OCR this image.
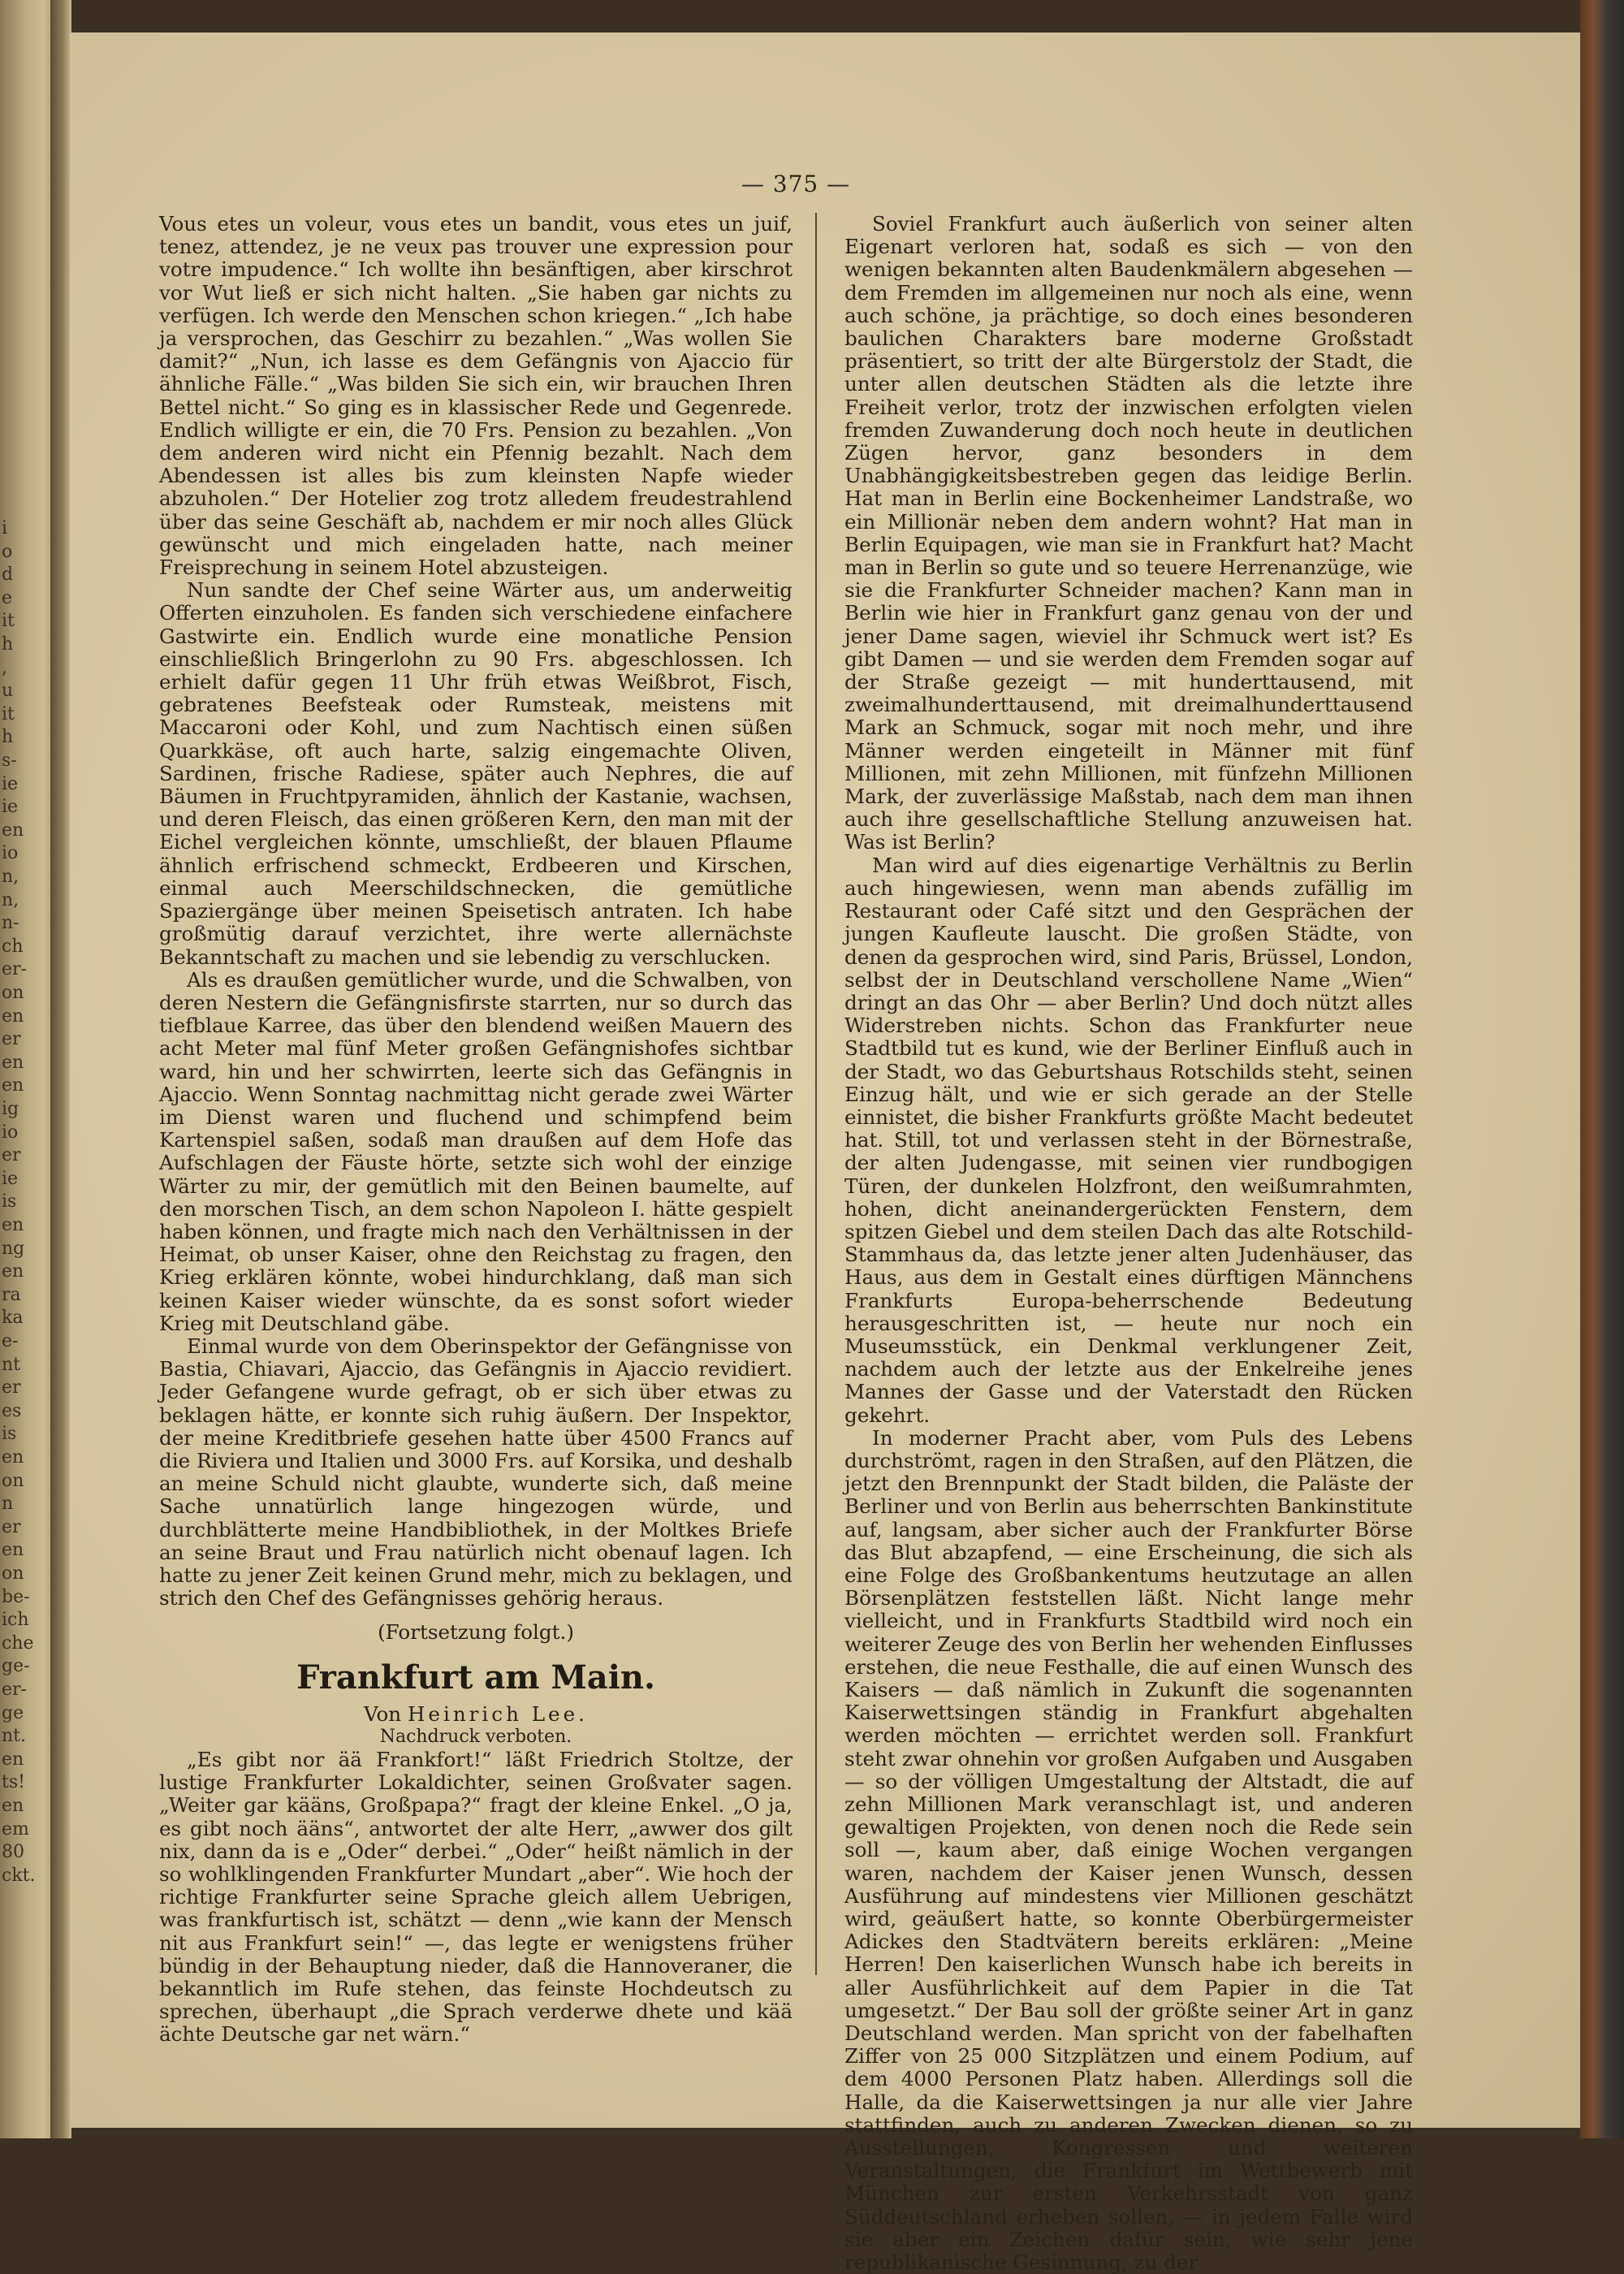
i
o
d
e
it
h
,
u
it
h
s-
ie
ie
en
io
n,
n,
n-
ch
er-
on
en
er
en
en
ig
io
er
ie
is
en
ng
en
ra
ka
e-
nt
er
es
is
en
on
n
er
en
on
be-
ich
che
ge-
er-
ge
nt.
en
ts!
en
em
80
ckt.
— 375 —

Vous etes un voleur, vous etes un bandit, vous etes un juif, tenez, attendez, je ne veux pas trouver une expression pour votre impudence.“ Ich wollte ihn besänftigen, aber kirschrot vor Wut ließ er sich nicht halten. „Sie haben gar nichts zu verfügen. Ich werde den Menschen schon kriegen.“ „Ich habe ja versprochen, das Geschirr zu bezahlen.“ „Was wollen Sie damit?“ „Nun, ich lasse es dem Gefängnis von Ajaccio für ähnliche Fälle.“ „Was bilden Sie sich ein, wir brauchen Ihren Bettel nicht.“ So ging es in klassischer Rede und Gegenrede. Endlich willigte er ein, die 70 Frs. Pension zu bezahlen. „Von dem anderen wird nicht ein Pfennig bezahlt. Nach dem Abendessen ist alles bis zum kleinsten Napfe wieder abzuholen.“ Der Hotelier zog trotz alledem freudestrahlend über das seine Geschäft ab, nachdem er mir noch alles Glück gewünscht und mich eingeladen hatte, nach meiner Freisprechung in seinem Hotel abzusteigen.

Nun sandte der Chef seine Wärter aus, um anderweitig Offerten einzuholen. Es fanden sich verschiedene einfachere Gastwirte ein. Endlich wurde eine monatliche Pension einschließlich Bringerlohn zu 90 Frs. abgeschlossen. Ich erhielt dafür gegen 11 Uhr früh etwas Weißbrot, Fisch, gebratenes Beefsteak oder Rumsteak, meistens mit Maccaroni oder Kohl, und zum Nachtisch einen süßen Quarkkäse, oft auch harte, salzig eingemachte Oliven, Sardinen, frische Radiese, später auch Nephres, die auf Bäumen in Fruchtpyramiden, ähnlich der Kastanie, wachsen, und deren Fleisch, das einen größeren Kern, den man mit der Eichel vergleichen könnte, umschließt, der blauen Pflaume ähnlich erfrischend schmeckt, Erdbeeren und Kirschen, einmal auch Meerschildschnecken, die gemütliche Spaziergänge über meinen Speisetisch antraten. Ich habe großmütig darauf verzichtet, ihre werte allernächste Bekanntschaft zu machen und sie lebendig zu verschlucken.

Als es draußen gemütlicher wurde, und die Schwalben, von deren Nestern die Gefängnisfirste starrten, nur so durch das tiefblaue Karree, das über den blendend weißen Mauern des acht Meter mal fünf Meter großen Gefängnishofes sichtbar ward, hin und her schwirrten, leerte sich das Gefängnis in Ajaccio. Wenn Sonntag nachmittag nicht gerade zwei Wärter im Dienst waren und fluchend und schimpfend beim Kartenspiel saßen, sodaß man draußen auf dem Hofe das Aufschlagen der Fäuste hörte, setzte sich wohl der einzige Wärter zu mir, der gemütlich mit den Beinen baumelte, auf den morschen Tisch, an dem schon Napoleon I. hätte gespielt haben können, und fragte mich nach den Verhältnissen in der Heimat, ob unser Kaiser, ohne den Reichstag zu fragen, den Krieg erklären könnte, wobei hindurchklang, daß man sich keinen Kaiser wieder wünschte, da es sonst sofort wieder Krieg mit Deutschland gäbe.

Einmal wurde von dem Oberinspektor der Gefängnisse von Bastia, Chiavari, Ajaccio, das Gefängnis in Ajaccio revidiert. Jeder Gefangene wurde gefragt, ob er sich über etwas zu beklagen hätte, er konnte sich ruhig äußern. Der Inspektor, der meine Kreditbriefe gesehen hatte über 4500 Francs auf die Riviera und Italien und 3000 Frs. auf Korsika, und deshalb an meine Schuld nicht glaubte, wunderte sich, daß meine Sache unnatürlich lange hingezogen würde, und durchblätterte meine Handbibliothek, in der Moltkes Briefe an seine Braut und Frau natürlich nicht obenauf lagen. Ich hatte zu jener Zeit keinen Grund mehr, mich zu beklagen, und strich den Chef des Gefängnisses gehörig heraus.

(Fortsetzung folgt.)

Frankfurt am Main.

Von Heinrich Lee.

Nachdruck verboten.

„Es gibt nor ää Frankfort!“ läßt Friedrich Stoltze, der lustige Frankfurter Lokaldichter, seinen Großvater sagen. „Weiter gar kääns, Großpapa?“ fragt der kleine Enkel. „O ja, es gibt noch ääns“, antwortet der alte Herr, „awwer dos gilt nix, dann da is e „Oder“ derbei.“ „Oder“ heißt nämlich in der so wohlklingenden Frankfurter Mundart „aber“. Wie hoch der richtige Frankfurter seine Sprache gleich allem Uebrigen, was frankfurtisch ist, schätzt — denn „wie kann der Mensch nit aus Frankfurt sein!“ —, das legte er wenigstens früher bündig in der Behauptung nieder, daß die Hannoveraner, die bekanntlich im Rufe stehen, das feinste Hochdeutsch zu sprechen, überhaupt „die Sprach verderwe dhete und kää ächte Deutsche gar net wärn.“

Soviel Frankfurt auch äußerlich von seiner alten Eigenart verloren hat, sodaß es sich — von den wenigen bekannten alten Baudenkmälern abgesehen — dem Fremden im allgemeinen nur noch als eine, wenn auch schöne, ja prächtige, so doch eines besonderen baulichen Charakters bare moderne Großstadt präsentiert, so tritt der alte Bürgerstolz der Stadt, die unter allen deutschen Städten als die letzte ihre Freiheit verlor, trotz der inzwischen erfolgten vielen fremden Zuwanderung doch noch heute in deutlichen Zügen hervor, ganz besonders in dem Unabhängigkeitsbestreben gegen das leidige Berlin. Hat man in Berlin eine Bockenheimer Landstraße, wo ein Millionär neben dem andern wohnt? Hat man in Berlin Equipagen, wie man sie in Frankfurt hat? Macht man in Berlin so gute und so teuere Herrenanzüge, wie sie die Frankfurter Schneider machen? Kann man in Berlin wie hier in Frankfurt ganz genau von der und jener Dame sagen, wieviel ihr Schmuck wert ist? Es gibt Damen — und sie werden dem Fremden sogar auf der Straße gezeigt — mit hunderttausend, mit zweimalhunderttausend, mit dreimalhunderttausend Mark an Schmuck, sogar mit noch mehr, und ihre Männer werden eingeteilt in Männer mit fünf Millionen, mit zehn Millionen, mit fünfzehn Millionen Mark, der zuverlässige Maßstab, nach dem man ihnen auch ihre gesellschaftliche Stellung anzuweisen hat. Was ist Berlin?

Man wird auf dies eigenartige Verhältnis zu Berlin auch hingewiesen, wenn man abends zufällig im Restaurant oder Café sitzt und den Gesprächen der jungen Kaufleute lauscht. Die großen Städte, von denen da gesprochen wird, sind Paris, Brüssel, London, selbst der in Deutschland verschollene Name „Wien“ dringt an das Ohr — aber Berlin? Und doch nützt alles Widerstreben nichts. Schon das Frankfurter neue Stadtbild tut es kund, wie der Berliner Einfluß auch in der Stadt, wo das Geburtshaus Rotschilds steht, seinen Einzug hält, und wie er sich gerade an der Stelle einnistet, die bisher Frankfurts größte Macht bedeutet hat. Still, tot und verlassen steht in der Börnestraße, der alten Judengasse, mit seinen vier rundbogigen Türen, der dunkelen Holzfront, den weißumrahmten, hohen, dicht aneinandergerückten Fenstern, dem spitzen Giebel und dem steilen Dach das alte Rotschild-Stammhaus da, das letzte jener alten Judenhäuser, das Haus, aus dem in Gestalt eines dürftigen Männchens Frankfurts Europa-beherrschende Bedeutung herausgeschritten ist, — heute nur noch ein Museumsstück, ein Denkmal verklungener Zeit, nachdem auch der letzte aus der Enkelreihe jenes Mannes der Gasse und der Vaterstadt den Rücken gekehrt.

In moderner Pracht aber, vom Puls des Lebens durchströmt, ragen in den Straßen, auf den Plätzen, die jetzt den Brennpunkt der Stadt bilden, die Paläste der Berliner und von Berlin aus beherrschten Bankinstitute auf, langsam, aber sicher auch der Frankfurter Börse das Blut abzapfend, — eine Erscheinung, die sich als eine Folge des Großbankentums heutzutage an allen Börsenplätzen feststellen läßt. Nicht lange mehr vielleicht, und in Frankfurts Stadtbild wird noch ein weiterer Zeuge des von Berlin her wehenden Einflusses erstehen, die neue Festhalle, die auf einen Wunsch des Kaisers — daß nämlich in Zukunft die sogenannten Kaiserwettsingen ständig in Frankfurt abgehalten werden möchten — errichtet werden soll. Frankfurt steht zwar ohnehin vor großen Aufgaben und Ausgaben — so der völligen Umgestaltung der Altstadt, die auf zehn Millionen Mark veranschlagt ist, und anderen gewaltigen Projekten, von denen noch die Rede sein soll —, kaum aber, daß einige Wochen vergangen waren, nachdem der Kaiser jenen Wunsch, dessen Ausführung auf mindestens vier Millionen geschätzt wird, geäußert hatte, so konnte Oberbürgermeister Adickes den Stadtvätern bereits erklären: „Meine Herren! Den kaiserlichen Wunsch habe ich bereits in aller Ausführlichkeit auf dem Papier in die Tat umgesetzt.“ Der Bau soll der größte seiner Art in ganz Deutschland werden. Man spricht von der fabelhaften Ziffer von 25 000 Sitzplätzen und einem Podium, auf dem 4000 Personen Platz haben. Allerdings soll die Halle, da die Kaiserwettsingen ja nur alle vier Jahre stattfinden, auch zu anderen Zwecken dienen, so zu Ausstellungen, Kongressen und weiteren Veranstaltungen, die Frankfurt im Wettbewerb mit München zur ersten Verkehrsstadt von ganz Süddeutschland erheben sollen, — in jedem Falle wird sie aber ein Zeichen dafür sein, wie sehr jene republikanische Gesinnung, zu der
